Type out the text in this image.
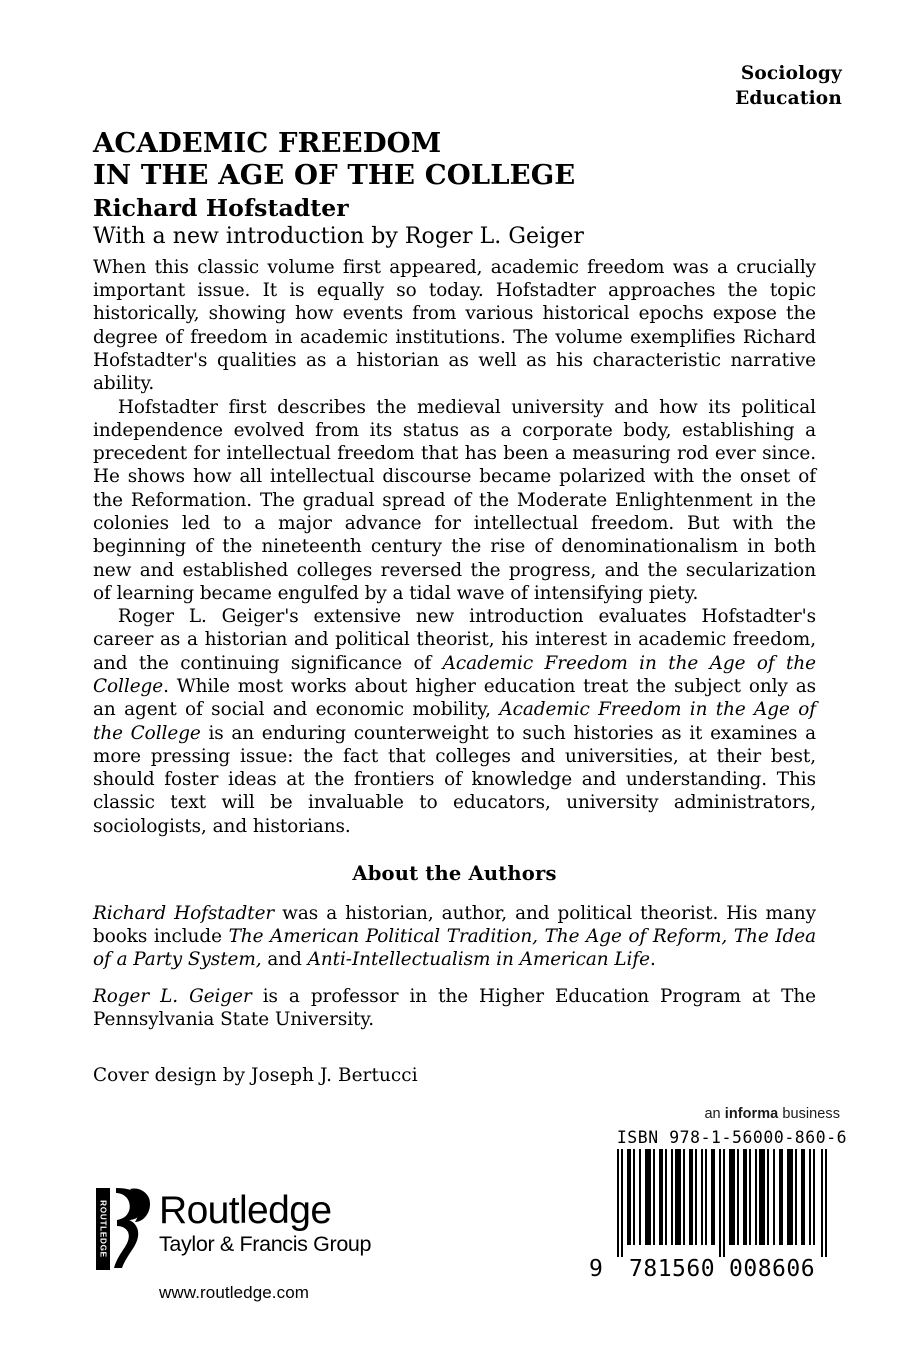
Sociology
Education
ACADEMIC FREEDOM
IN THE AGE OF THE COLLEGE
Richard Hofstadter
With a new introduction by Roger L. Geiger

When this classic volume first appeared, academic freedom was a crucially important issue. It is equally so today. Hofstadter approaches the topic historically, showing how events from various historical epochs expose the degree of freedom in academic institutions. The volume exemplifies Richard Hofstadter's qualities as a historian as well as his characteristic narrative ability.

Hofstadter first describes the medieval university and how its political independence evolved from its status as a corporate body, establishing a precedent for intellectual freedom that has been a measuring rod ever since. He shows how all intellectual discourse became polarized with the onset of the Reformation. The gradual spread of the Moderate Enlightenment in the colonies led to a major advance for intellectual freedom. But with the beginning of the nineteenth century the rise of denominationalism in both new and established colleges reversed the progress, and the secularization of learning became engulfed by a tidal wave of intensifying piety.

Roger L. Geiger's extensive new introduction evaluates Hofstadter's career as a historian and political theorist, his interest in academic freedom, and the continuing significance of Academic Freedom in the Age of the College. While most works about higher education treat the subject only as an agent of social and economic mobility, Academic Freedom in the Age of the College is an enduring counterweight to such histories as it examines a more pressing issue: the fact that colleges and universities, at their best, should foster ideas at the frontiers of knowledge and understanding. This classic text will be invaluable to educators, university administrators, sociologists, and historians.

About the Authors

Richard Hofstadter was a historian, author, and political theorist. His many books include The American Political Tradition, The Age of Reform, The Idea of a Party System, and Anti-Intellectualism in American Life.

Roger L. Geiger is a professor in the Higher Education Program at The Pennsylvania State University.

Cover design by Joseph J. Bertucci

ROUTLEDGE Routledge
Taylor & Francis Group
www.routledge.com
an informa business
ISBN 978-1-56000-860-6
9 781560 008606
